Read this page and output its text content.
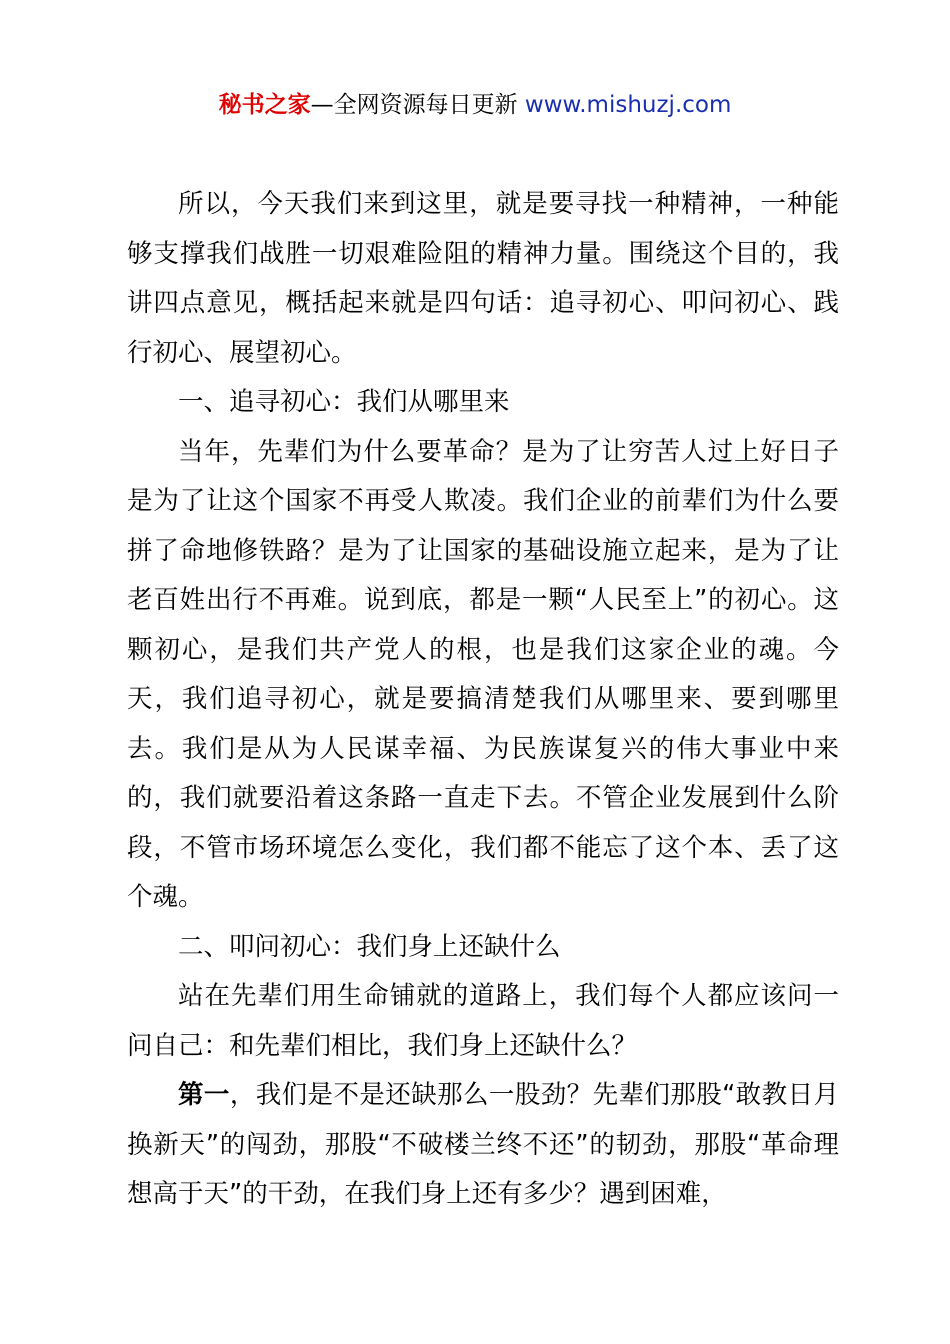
秘书之家—全网资源每日更新 www.mishuzj.com

所以，今天我们来到这里，就是要寻找一种精神，一种能够支撑我们战胜一切艰难险阻的精神力量。围绕这个目的，我讲四点意见，概括起来就是四句话：追寻初心、叩问初心、践行初心、展望初心。

一、追寻初心：我们从哪里来

当年，先辈们为什么要革命？是为了让穷苦人过上好日子是为了让这个国家不再受人欺凌。我们企业的前辈们为什么要拼了命地修铁路？是为了让国家的基础设施立起来，是为了让老百姓出行不再难。说到底，都是一颗“人民至上”的初心。这颗初心，是我们共产党人的根，也是我们这家企业的魂。今天，我们追寻初心，就是要搞清楚我们从哪里来、要到哪里去。我们是从为人民谋幸福、为民族谋复兴的伟大事业中来的，我们就要沿着这条路一直走下去。不管企业发展到什么阶段，不管市场环境怎么变化，我们都不能忘了这个本、丢了这个魂。

二、叩问初心：我们身上还缺什么

站在先辈们用生命铺就的道路上，我们每个人都应该问一问自己：和先辈们相比，我们身上还缺什么？

第一，我们是不是还缺那么一股劲？先辈们那股“敢教日月换新天”的闯劲，那股“不破楼兰终不还”的韧劲，那股“革命理想高于天”的干劲，在我们身上还有多少？遇到困难，
